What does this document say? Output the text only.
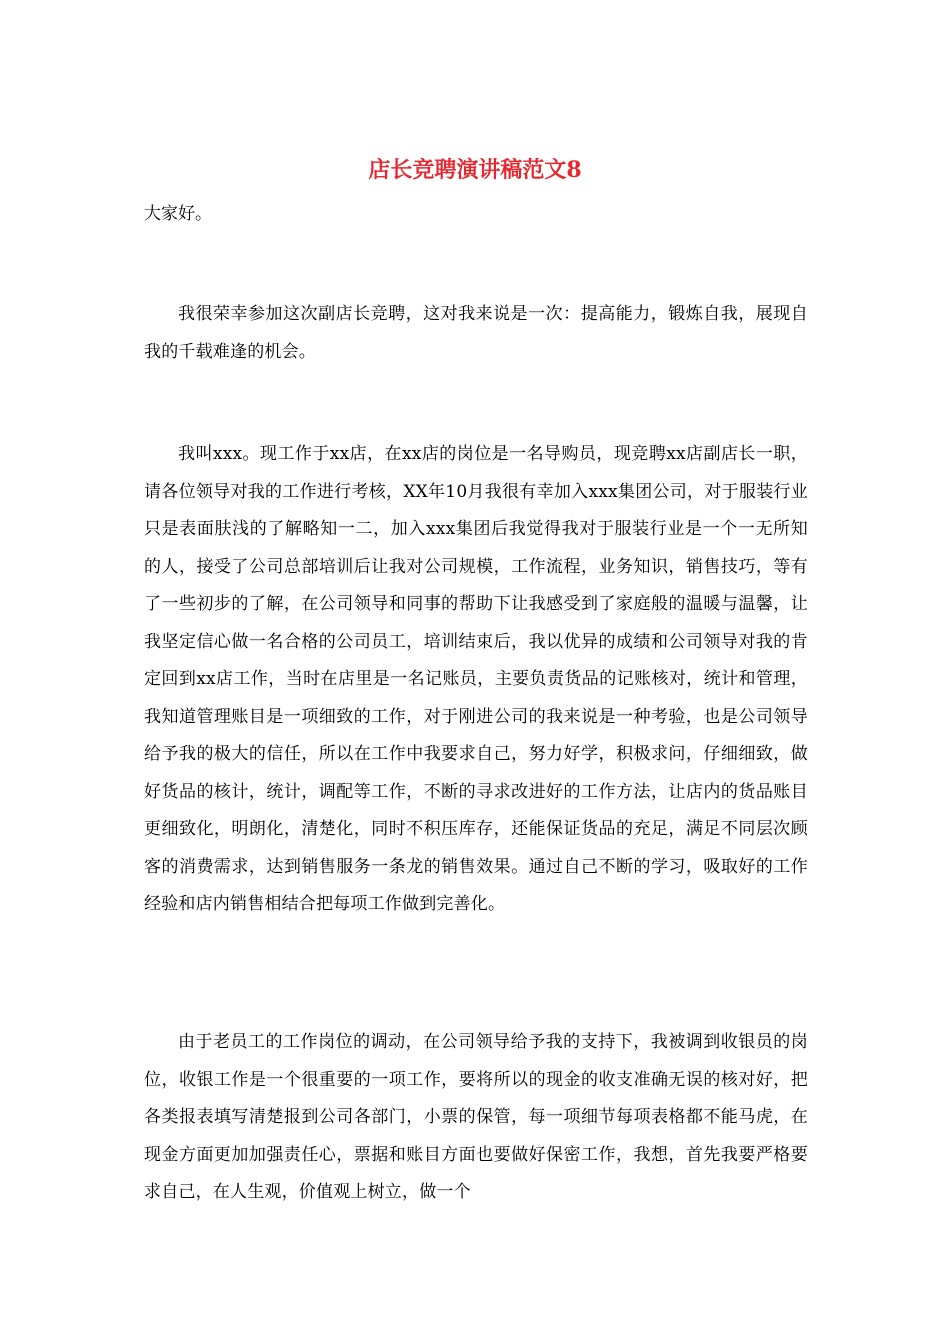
店长竞聘演讲稿范文8

大家好。

我很荣幸参加这次副店长竞聘，这对我来说是一次：提高能力，锻炼自我，展现自我的千载难逢的机会。

我叫xxx。现工作于xx店，在xx店的岗位是一名导购员，现竞聘xx店副店长一职，请各位领导对我的工作进行考核，XX年10月我很有幸加入xxx集团公司，对于服装行业只是表面肤浅的了解略知一二，加入xxx集团后我觉得我对于服装行业是一个一无所知的人，接受了公司总部培训后让我对公司规模，工作流程，业务知识，销售技巧，等有了一些初步的了解，在公司领导和同事的帮助下让我感受到了家庭般的温暖与温馨，让我坚定信心做一名合格的公司员工，培训结束后，我以优异的成绩和公司领导对我的肯定回到xx店工作，当时在店里是一名记账员，主要负责货品的记账核对，统计和管理，我知道管理账目是一项细致的工作，对于刚进公司的我来说是一种考验，也是公司领导给予我的极大的信任，所以在工作中我要求自己，努力好学，积极求问，仔细细致，做好货品的核计，统计，调配等工作，不断的寻求改进好的工作方法，让店内的货品账目更细致化，明朗化，清楚化，同时不积压库存，还能保证货品的充足，满足不同层次顾客的消费需求，达到销售服务一条龙的销售效果。通过自己不断的学习，吸取好的工作经验和店内销售相结合把每项工作做到完善化。

由于老员工的工作岗位的调动，在公司领导给予我的支持下，我被调到收银员的岗位，收银工作是一个很重要的一项工作，要将所以的现金的收支准确无误的核对好，把各类报表填写清楚报到公司各部门，小票的保管，每一项细节每项表格都不能马虎，在现金方面更加加强责任心，票据和账目方面也要做好保密工作，我想，首先我要严格要求自己，在人生观，价值观上树立，做一个
